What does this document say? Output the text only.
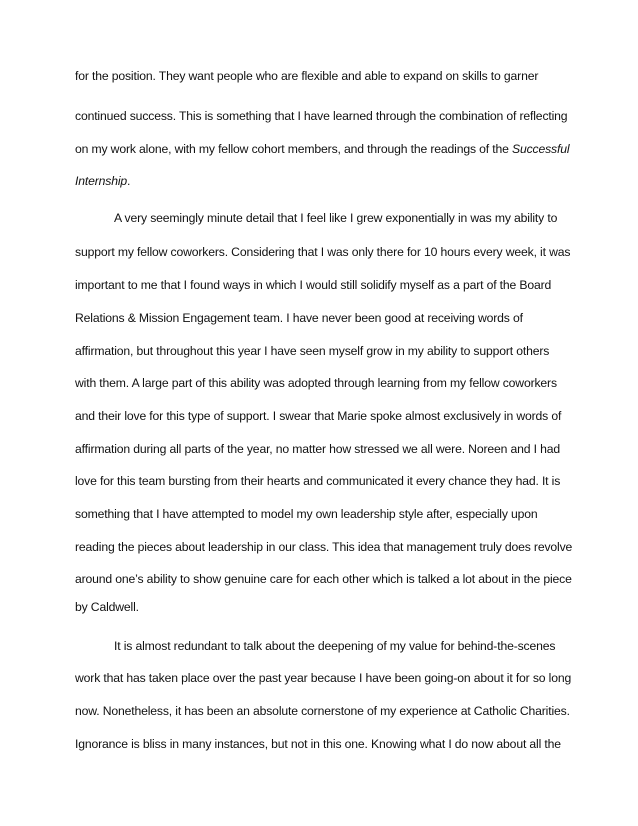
for the position. They want people who are flexible and able to expand on skills to garner
continued success. This is something that I have learned through the combination of reflecting
on my work alone, with my fellow cohort members, and through the readings of the Successful
Internship.
A very seemingly minute detail that I feel like I grew exponentially in was my ability to
support my fellow coworkers. Considering that I was only there for 10 hours every week, it was
important to me that I found ways in which I would still solidify myself as a part of the Board
Relations & Mission Engagement team. I have never been good at receiving words of
affirmation, but throughout this year I have seen myself grow in my ability to support others
with them. A large part of this ability was adopted through learning from my fellow coworkers
and their love for this type of support. I swear that Marie spoke almost exclusively in words of
affirmation during all parts of the year, no matter how stressed we all were. Noreen and I had
love for this team bursting from their hearts and communicated it every chance they had. It is
something that I have attempted to model my own leadership style after, especially upon
reading the pieces about leadership in our class. This idea that management truly does revolve
around one’s ability to show genuine care for each other which is talked a lot about in the piece
by Caldwell.
It is almost redundant to talk about the deepening of my value for behind-the-scenes
work that has taken place over the past year because I have been going-on about it for so long
now. Nonetheless, it has been an absolute cornerstone of my experience at Catholic Charities.
Ignorance is bliss in many instances, but not in this one. Knowing what I do now about all the
